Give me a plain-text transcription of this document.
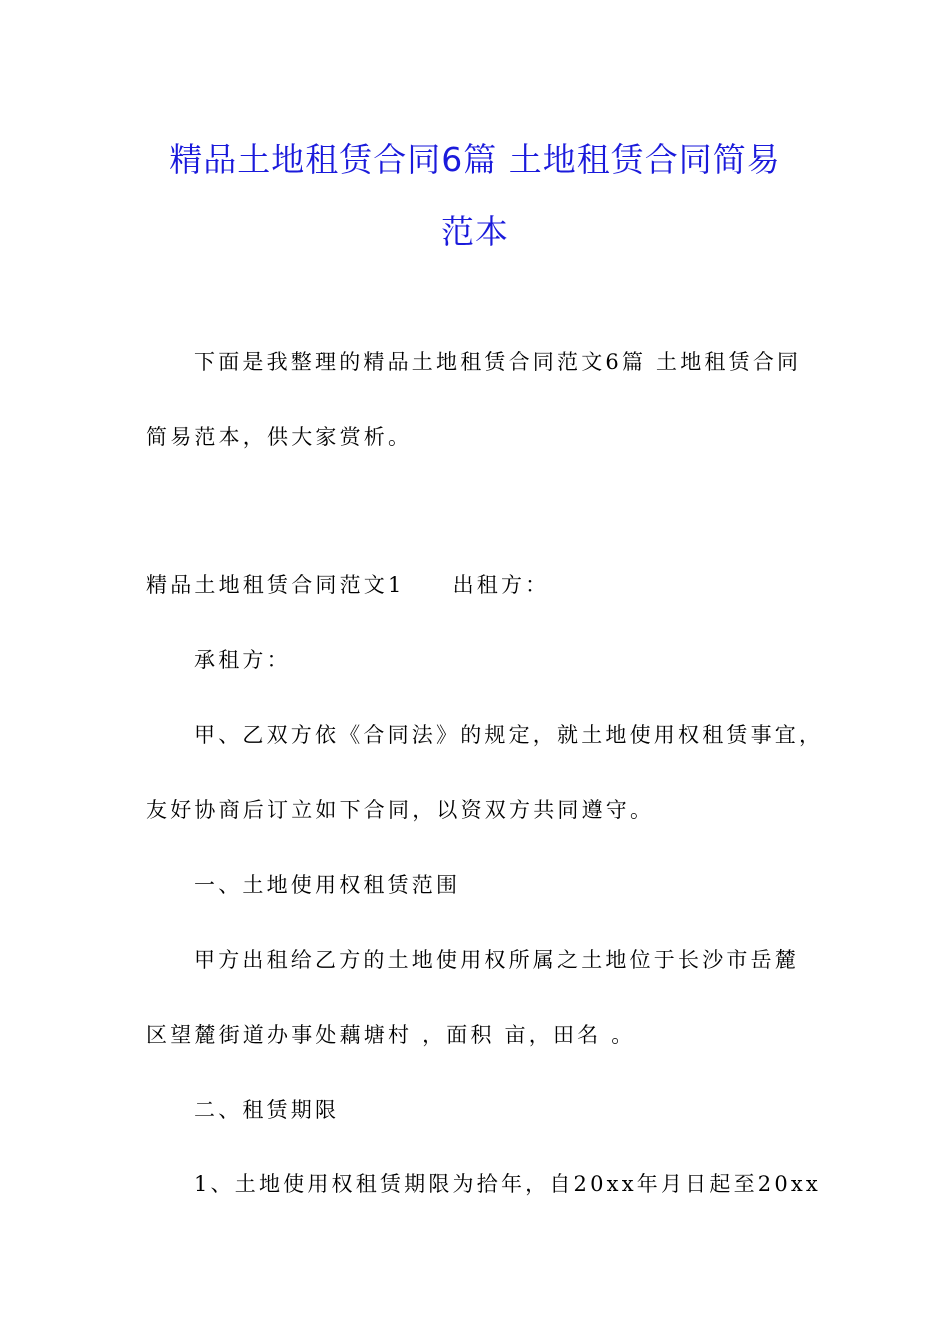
精品土地租赁合同6篇 土地租赁合同简易
范本
下面是我整理的精品土地租赁合同范文6篇 土地租赁合同
简易范本，供大家赏析。
精品土地租赁合同范文1 出租方：
承租方：
甲、乙双方依《合同法》的规定，就土地使用权租赁事宜，
友好协商后订立如下合同，以资双方共同遵守。
一、土地使用权租赁范围
甲方出租给乙方的土地使用权所属之土地位于长沙市岳麓
区望麓街道办事处藕塘村 ，面积 亩，田名 。
二、租赁期限
1、土地使用权租赁期限为拾年，自20xx年月日起至20xx
